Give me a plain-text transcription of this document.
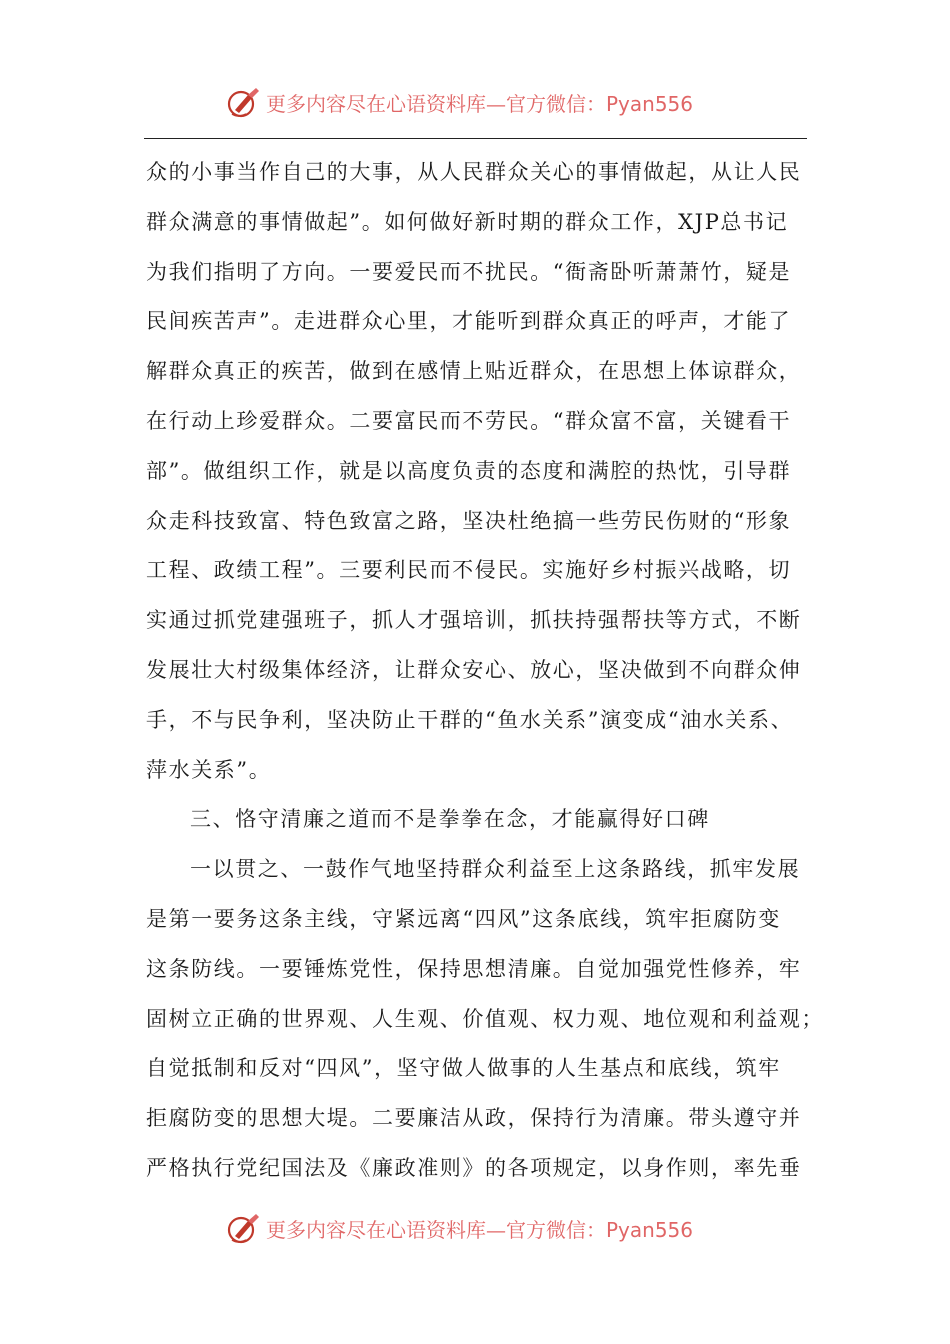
更多内容尽在心语资料库—官方微信：Pyan556
众的小事当作自己的大事，从人民群众关心的事情做起，从让人民
群众满意的事情做起”。如何做好新时期的群众工作，XJP总书记
为我们指明了方向。一要爱民而不扰民。“衙斋卧听萧萧竹，疑是
民间疾苦声”。走进群众心里，才能听到群众真正的呼声，才能了
解群众真正的疾苦，做到在感情上贴近群众，在思想上体谅群众，
在行动上珍爱群众。二要富民而不劳民。“群众富不富，关键看干
部”。做组织工作，就是以高度负责的态度和满腔的热忱，引导群
众走科技致富、特色致富之路，坚决杜绝搞一些劳民伤财的“形象
工程、政绩工程”。三要利民而不侵民。实施好乡村振兴战略，切
实通过抓党建强班子，抓人才强培训，抓扶持强帮扶等方式，不断
发展壮大村级集体经济，让群众安心、放心，坚决做到不向群众伸
手，不与民争利，坚决防止干群的“鱼水关系”演变成“油水关系、
萍水关系”。
三、恪守清廉之道而不是拳拳在念，才能赢得好口碑
一以贯之、一鼓作气地坚持群众利益至上这条路线，抓牢发展
是第一要务这条主线，守紧远离“四风”这条底线，筑牢拒腐防变
这条防线。一要锤炼党性，保持思想清廉。自觉加强党性修养，牢
固树立正确的世界观、人生观、价值观、权力观、地位观和利益观；
自觉抵制和反对“四风”，坚守做人做事的人生基点和底线，筑牢
拒腐防变的思想大堤。二要廉洁从政，保持行为清廉。带头遵守并
严格执行党纪国法及《廉政准则》的各项规定，以身作则，率先垂
更多内容尽在心语资料库—官方微信：Pyan556
